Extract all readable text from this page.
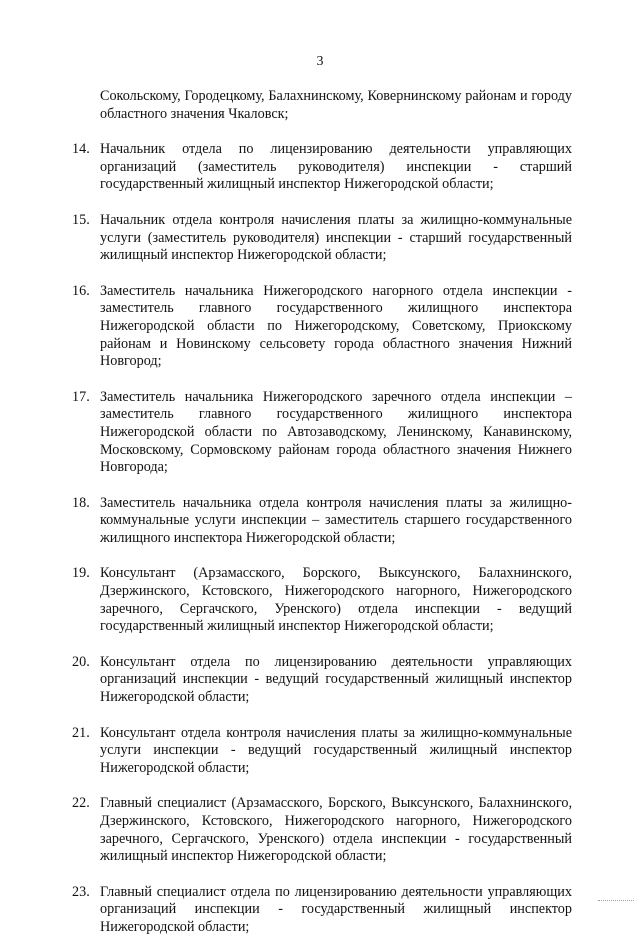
3

Сокольскому, Городецкому, Балахнинскому, Ковернинскому районам и городу областного значения Чкаловск;

14. Начальник отдела по лицензированию деятельности управляющих организаций (заместитель руководителя) инспекции - старший государственный жилищный инспектор Нижегородской области;
15. Начальник отдела контроля начисления платы за жилищно-коммунальные услуги (заместитель руководителя) инспекции - старший государственный жилищный инспектор Нижегородской области;
16. Заместитель начальника Нижегородского нагорного отдела инспекции - заместитель главного государственного жилищного инспектора Нижегородской области по Нижегородскому, Советскому, Приокскому районам и Новинскому сельсовету города областного значения Нижний Новгород;
17. Заместитель начальника Нижегородского заречного отдела инспекции – заместитель главного государственного жилищного инспектора Нижегородской области по Автозаводскому, Ленинскому, Канавинскому, Московскому, Сормовскому районам города областного значения Нижнего Новгорода;
18. Заместитель начальника отдела контроля начисления платы за жилищно-коммунальные услуги инспекции – заместитель старшего государственного жилищного инспектора Нижегородской области;
19. Консультант (Арзамасского, Борского, Выксунского, Балахнинского, Дзержинского, Кстовского, Нижегородского нагорного, Нижегородского заречного, Сергачского, Уренского) отдела инспекции - ведущий государственный жилищный инспектор Нижегородской области;
20. Консультант отдела по лицензированию деятельности управляющих организаций инспекции - ведущий государственный жилищный инспектор Нижегородской области;
21. Консультант отдела контроля начисления платы за жилищно-коммунальные услуги инспекции - ведущий государственный жилищный инспектор Нижегородской области;
22. Главный специалист (Арзамасского, Борского, Выксунского, Балахнинского, Дзержинского, Кстовского, Нижегородского нагорного, Нижегородского заречного, Сергачского, Уренского) отдела инспекции - государственный жилищный инспектор Нижегородской области;
23. Главный специалист отдела по лицензированию деятельности управляющих организаций инспекции - государственный жилищный инспектор Нижегородской области;
